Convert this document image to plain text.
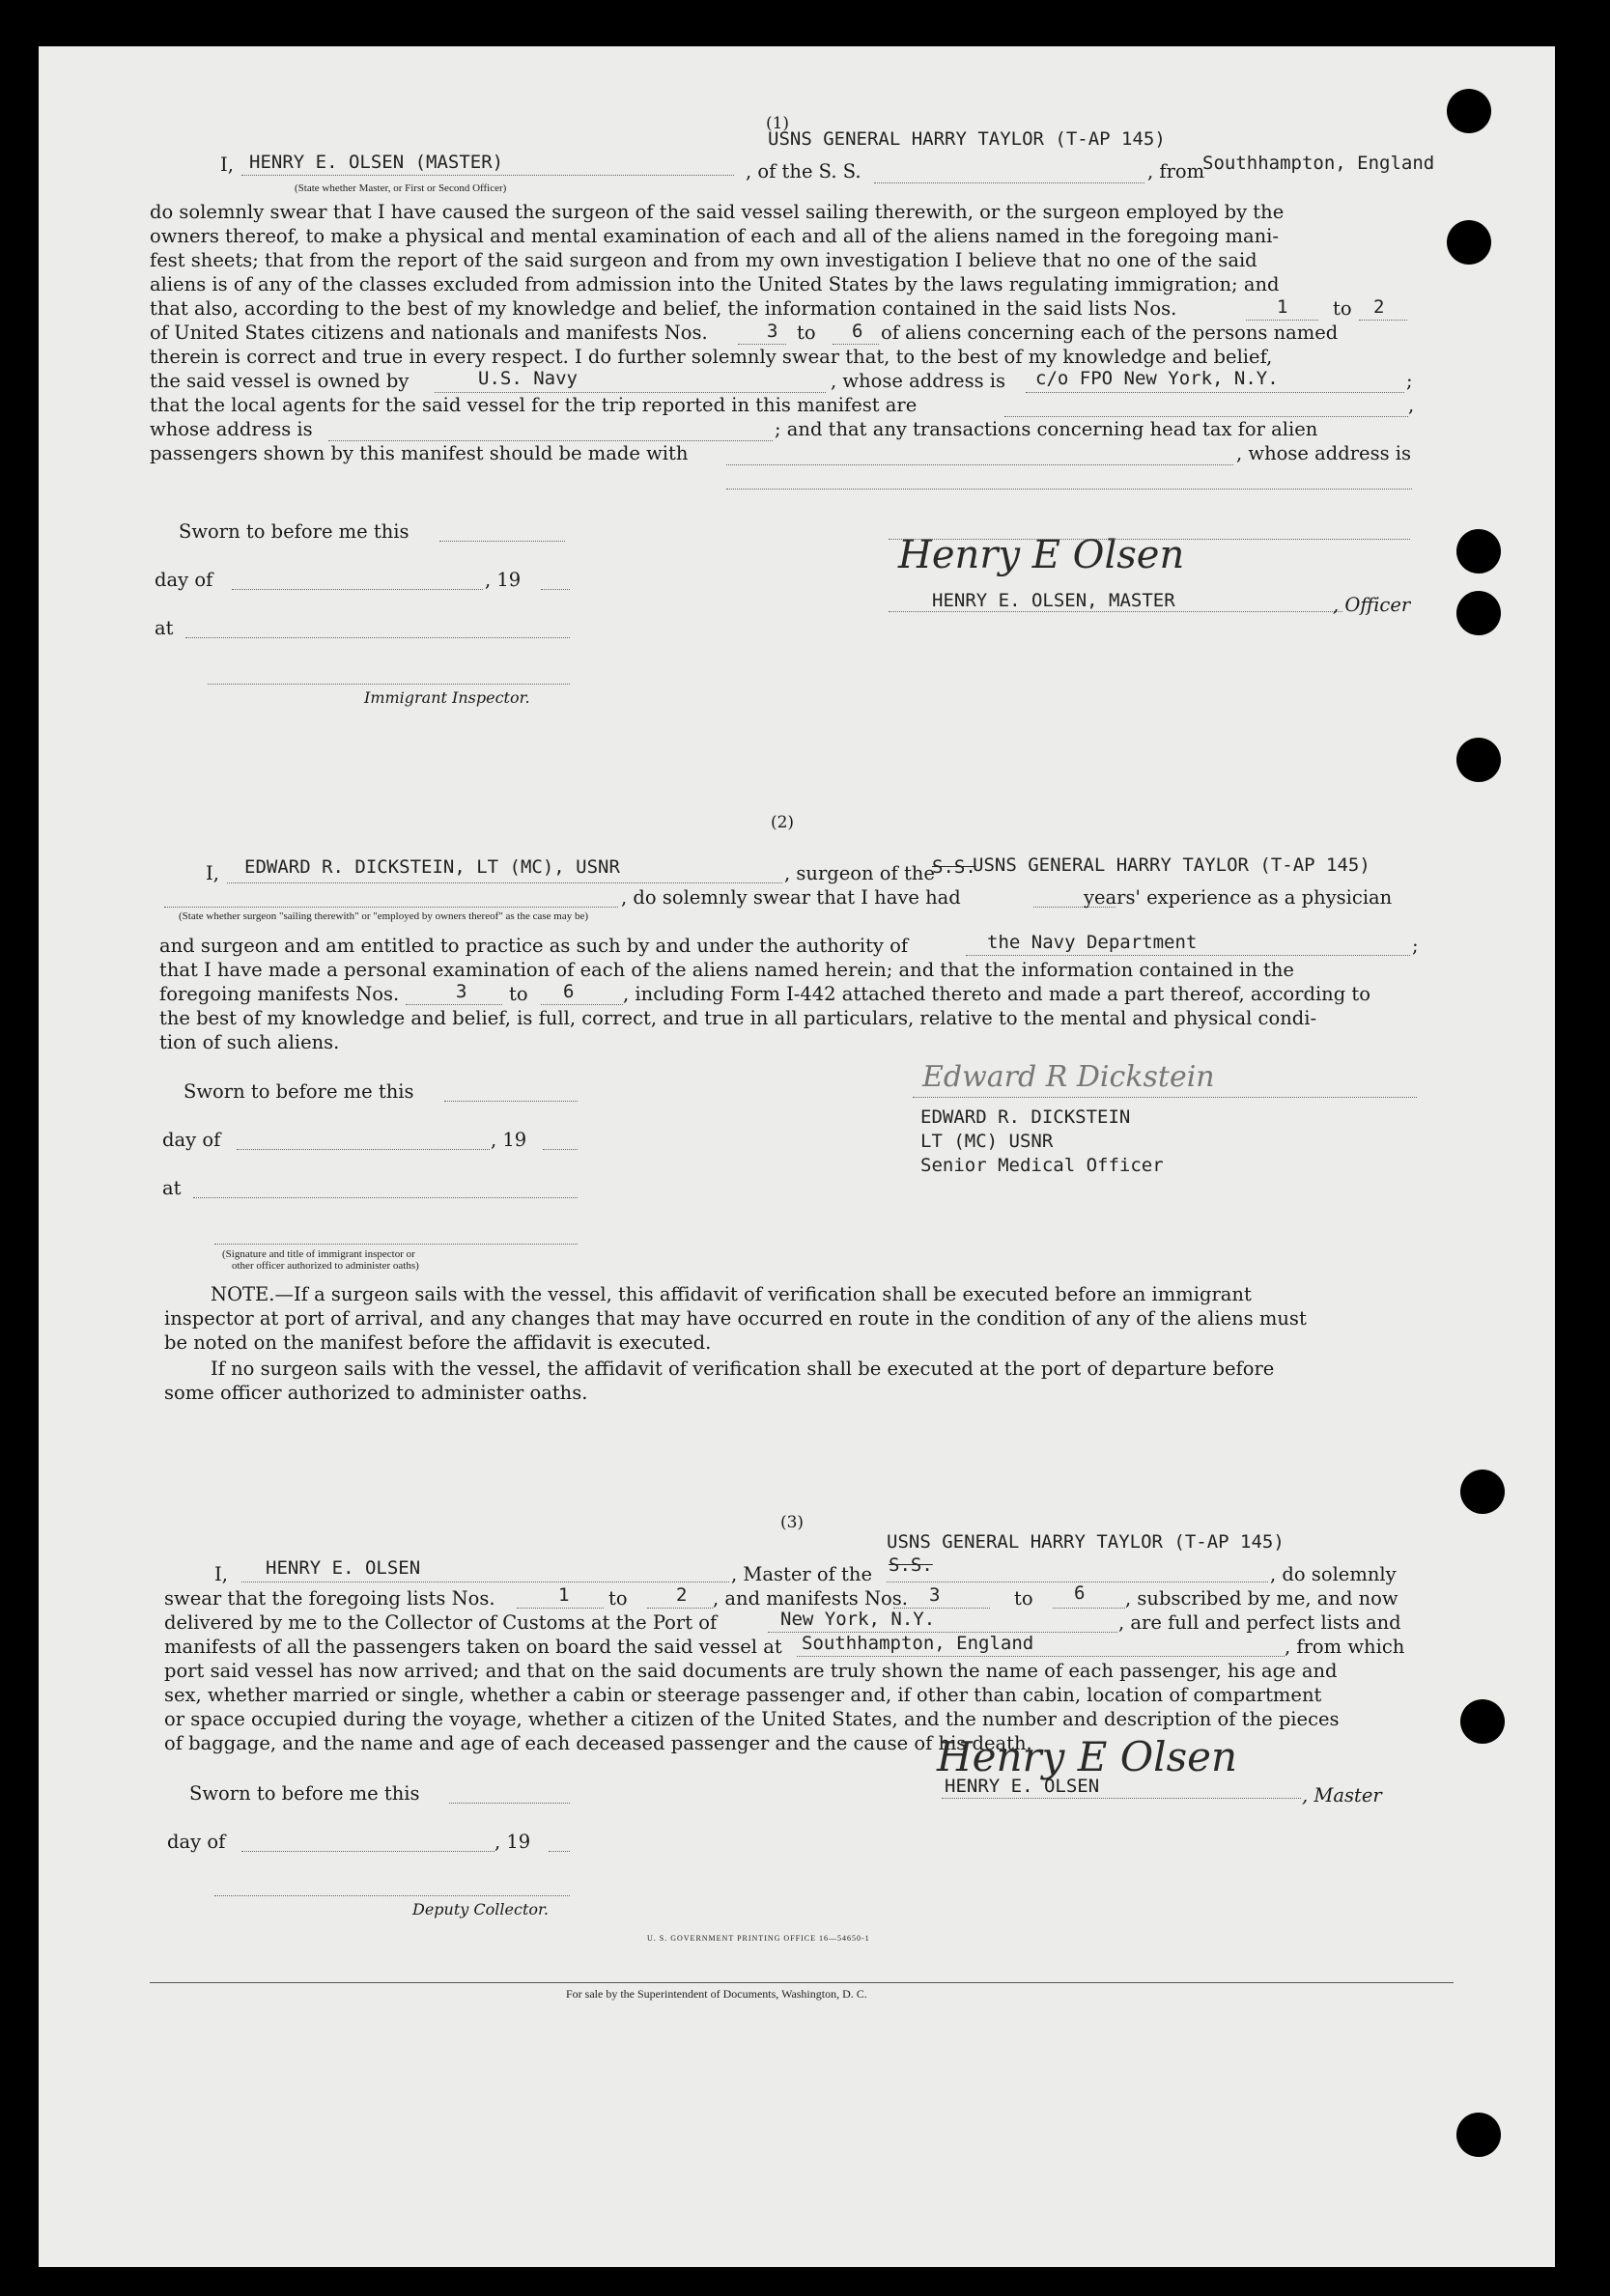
(1)
I, HENRY E. OLSEN (MASTER)
(State whether Master, or First or Second Officer)
, of the S. S.
USNS GENERAL HARRY TAYLOR (T-AP 145)
, from
Southhampton, England
do solemnly swear that I have caused the surgeon of the said vessel sailing therewith, or the surgeon employed by the
owners thereof, to make a physical and mental examination of each and all of the aliens named in the foregoing mani-
fest sheets; that from the report of the said surgeon and from my own investigation I believe that no one of the said
aliens is of any of the classes excluded from admission into the United States by the laws regulating immigration; and
that also, according to the best of my knowledge and belief, the information contained in the said lists Nos.	1 to 2
of United States citizens and nationals and manifests Nos.	3 to 6 of aliens concerning each of the persons named
therein is correct and true in every respect. I do further solemnly swear that, to the best of my knowledge and belief,
the said vessel is owned by	U.S. Navy	, whose address is c/o FPO New York, N.Y.	;
that the local agents for the said vessel for the trip reported in this manifest are	,
whose address is	; and that any transactions concerning head tax for alien
passengers shown by this manifest should be made with	, whose address is
Sworn to before me this
day of	, 19
at
Immigrant Inspector.
Henry E Olsen
HENRY E. OLSEN, MASTER	, Officer
(2)
I, EDWARD R. DICKSTEIN, LT (MC), USNR	, surgeon of the
S.S.
USNS GENERAL HARRY TAYLOR (T-AP 145)
, do solemnly swear that I have had	years' experience as a physician
(State whether surgeon "sailing therewith" or "employed by owners thereof" as the case may be)
and surgeon and am entitled to practice as such by and under the authority of	the Navy Department	;
that I have made a personal examination of each of the aliens named herein; and that the information contained in the
foregoing manifests Nos.	3 to 6	, including Form I-442 attached thereto and made a part thereof, according to
the best of my knowledge and belief, is full, correct, and true in all particulars, relative to the mental and physical condi-
tion of such aliens.
Sworn to before me this
day of	, 19
at
(Signature and title of immigrant inspector or
other officer authorized to administer oaths)
Edward R Dickstein
EDWARD R. DICKSTEIN
LT (MC) USNR
Senior Medical Officer
NOTE.—If a surgeon sails with the vessel, this affidavit of verification shall be executed before an immigrant
inspector at port of arrival, and any changes that may have occurred en route in the condition of any of the aliens must
be noted on the manifest before the affidavit is executed.
If no surgeon sails with the vessel, the affidavit of verification shall be executed at the port of departure before
some officer authorized to administer oaths.
(3)
USNS GENERAL HARRY TAYLOR (T-AP 145)
I, HENRY E. OLSEN	, Master of the S.S.	, do solemnly
swear that the foregoing lists Nos.	1 to	2 , and manifests Nos. 3	to 6 , subscribed by me, and now
delivered by me to the Collector of Customs at the Port of	New York, N.Y.	, are full and perfect lists and
manifests of all the passengers taken on board the said vessel at Southhampton, England	, from which
port said vessel has now arrived; and that on the said documents are truly shown the name of each passenger, his age and
sex, whether married or single, whether a cabin or steerage passenger and, if other than cabin, location of compartment
or space occupied during the voyage, whether a citizen of the United States, and the number and description of the pieces
of baggage, and the name and age of each deceased passenger and the cause of his death.
Sworn to before me this
day of	, 19
Deputy Collector.
Henry E Olsen
HENRY E. OLSEN	, Master
U. S. GOVERNMENT PRINTING OFFICE 16—54650-1
For sale by the Superintendent of Documents, Washington, D. C.
